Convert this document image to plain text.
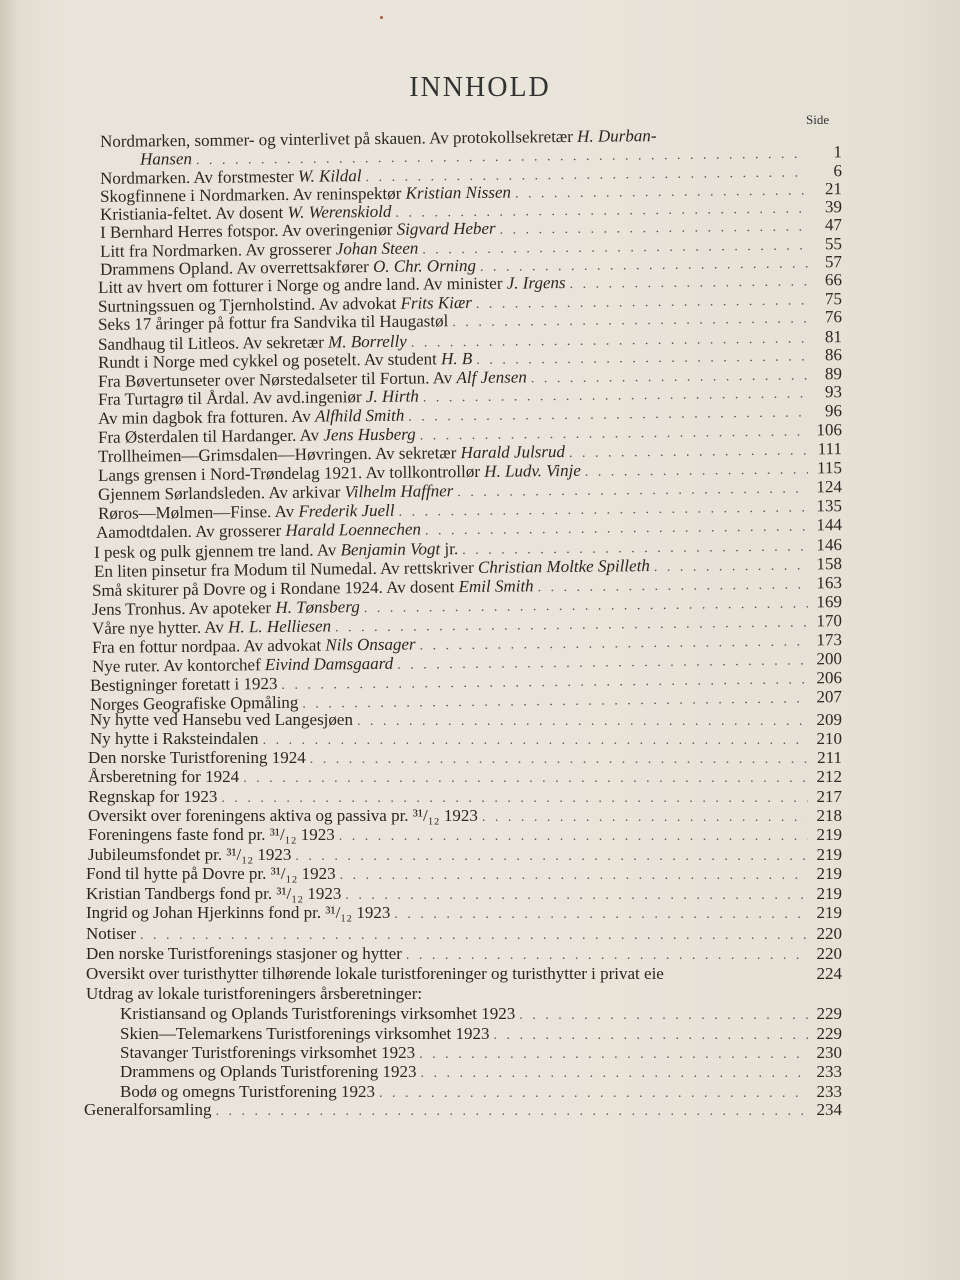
INNHOLD
Side
Nordmarken, sommer- og vinterlivet på skauen. Av protokollsekretær H. Durban-
Hansen . . .	1
Nordmarken. Av forstmester W. Kildal . . .	6
Skogfinnene i Nordmarken. Av reninspektør Kristian Nissen . . .	21
Kristiania-feltet. Av dosent W. Werenskiold . . .	39
I Bernhard Herres fotspor. Av overingeniør Sigvard Heber . . .	47
Litt fra Nordmarken. Av grosserer Johan Steen . . .	55
Drammens Opland. Av overrettsakfører O. Chr. Orning . . .	57
Litt av hvert om fotturer i Norge og andre land. Av minister J. Irgens . . .	66
Surtningssuen og Tjernholstind. Av advokat Frits Kiær . . .	75
Seks 17 åringer på fottur fra Sandvika til Haugastøl . . .	76
Sandhaug til Litleos. Av sekretær M. Borrelly . . .	81
Rundt i Norge med cykkel og posetelt. Av student H. B . . .	86
Fra Bøvertunseter over Nørstedalseter til Fortun. Av Alf Jensen . . .	89
Fra Turtagrø til Årdal. Av avd.ingeniør J. Hirth . . .	93
Av min dagbok fra fotturen. Av Alfhild Smith . . .	96
Fra Østerdalen til Hardanger. Av Jens Husberg . . .	106
Trollheimen—Grimsdalen—Høvringen. Av sekretær Harald Julsrud . . .	111
Langs grensen i Nord-Trøndelag 1921. Av tollkontrollør H. Ludv. Vinje . . .	115
Gjennem Sørlandsleden. Av arkivar Vilhelm Haffner . . .	124
Røros—Mølmen—Finse. Av Frederik Juell . . .	135
Aamodtdalen. Av grosserer Harald Loennechen . . .	144
I pesk og pulk gjennem tre land. Av Benjamin Vogt jr. . . .	146
En liten pinsetur fra Modum til Numedal. Av rettskriver Christian Moltke Spilleth . . .	158
Små skiturer på Dovre og i Rondane 1924. Av dosent Emil Smith . . .	163
Jens Tronhus. Av apoteker H. Tønsberg . . .	169
Våre nye hytter. Av H. L. Helliesen . . .	170
Fra en fottur nordpaa. Av advokat Nils Onsager . . .	173
Nye ruter. Av kontorchef Eivind Damsgaard . . .	200
Bestigninger foretatt i 1923 . . .	206
Norges Geografiske Opmåling . . .	207
Ny hytte ved Hansebu ved Langesjøen . . .	209
Ny hytte i Raksteindalen . . .	210
Den norske Turistforening 1924 . . .	211
Årsberetning for 1924 . . .	212
Regnskap for 1923 . . .	217
Oversikt over foreningens aktiva og passiva pr. ³¹/₁₂ 1923 . . .	218
Foreningens faste fond pr. ³¹/₁₂ 1923 . . .	219
Jubileumsfondet pr. ³¹/₁₂ 1923 . . .	219
Fond til hytte på Dovre pr. ³¹/₁₂ 1923 . . .	219
Kristian Tandbergs fond pr. ³¹/₁₂ 1923 . . .	219
Ingrid og Johan Hjerkinns fond pr. ³¹/₁₂ 1923 . . .	219
Notiser . . .	220
Den norske Turistforenings stasjoner og hytter . . .	220
Oversikt over turisthytter tilhørende lokale turistforeninger og turisthytter i privat eie	224
Utdrag av lokale turistforeningers årsberetninger:
Kristiansand og Oplands Turistforenings virksomhet 1923 . . .	229
Skien—Telemarkens Turistforenings virksomhet 1923 . . .	229
Stavanger Turistforenings virksomhet 1923 . . .	230
Drammens og Oplands Turistforening 1923 . . .	233
Bodø og omegns Turistforening 1923 . . .	233
Generalforsamling . . .	234
